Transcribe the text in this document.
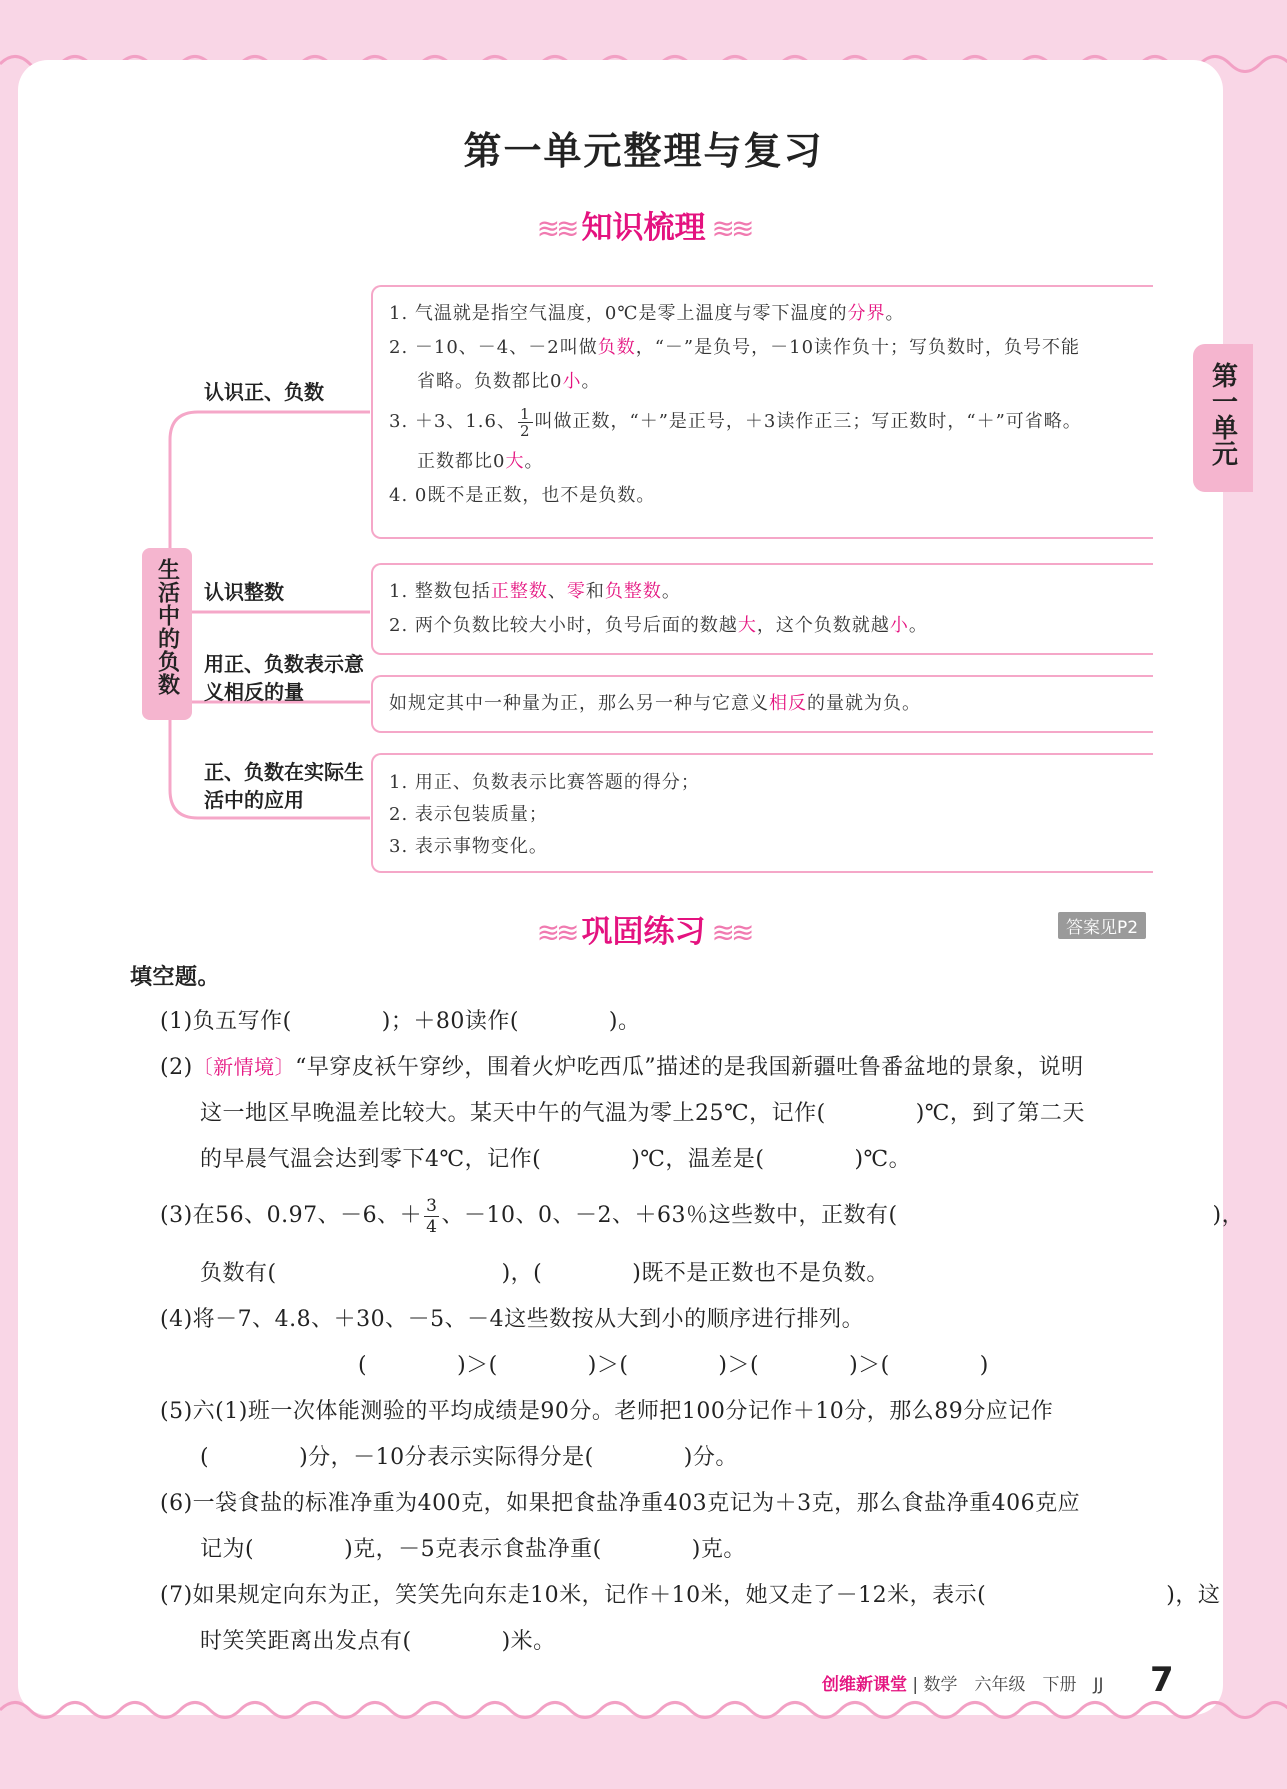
第一单元整理与复习
第一单元
≋≋ 知识梳理 ≋≋
生活中的负数
认识正、负数
认识整数
用正、负数表示意义相反的量
正、负数在实际生活中的应用
1. 气温就是指空气温度，0℃是零上温度与零下温度的分界。
2. －10、－4、－2叫做负数，“－”是负号，－10读作负十；写负数时，负号不能
省略。负数都比0小。
3. ＋3、1.6、 $\frac{1}{2}$ 叫做正数，“＋”是正号，＋3读作正三；写正数时，“＋”可省略。
正数都比0大。
4. 0既不是正数，也不是负数。
1. 整数包括正整数、零和负整数。
2. 两个负数比较大小时，负号后面的数越大，这个负数就越小。
如规定其中一种量为正，那么另一种与它意义相反的量就为负。
1. 用正、负数表示比赛答题的得分；
2. 表示包装质量；
3. 表示事物变化。
≋≋ 巩固练习 ≋≋	答案见P2
填空题。
(1)负五写作(　　　　)；＋80读作(　　　　)。
(2)〔新情境〕“早穿皮袄午穿纱，围着火炉吃西瓜”描述的是我国新疆吐鲁番盆地的景象，说明
这一地区早晚温差比较大。某天中午的气温为零上25℃，记作(　　　　)℃，到了第二天
的早晨气温会达到零下4℃，记作(　　　　)℃，温差是(　　　　)℃。
(3)在56、0.97、－6、＋ $\frac{3}{4}$ 、－10、0、－2、＋63％这些数中，正数有(　　　　　　　　　　　　　　)，
负数有(　　　　　　　　　　)，(　　　　)既不是正数也不是负数。
(4)将－7、4.8、＋30、－5、－4这些数按从大到小的顺序进行排列。
(　　　　)＞(　　　　)＞(　　　　)＞(　　　　)＞(　　　　)
(5)六(1)班一次体能测验的平均成绩是90分。老师把100分记作＋10分，那么89分应记作
(　　　　)分，－10分表示实际得分是(　　　　)分。
(6)一袋食盐的标准净重为400克，如果把食盐净重403克记为＋3克，那么食盐净重406克应
记为(　　　　)克，－5克表示食盐净重(　　　　)克。
(7)如果规定向东为正，笑笑先向东走10米，记作＋10米，她又走了－12米，表示(　　　　　　　　)，这
时笑笑距离出发点有(　　　　)米。
创维新课堂 | 数学　六年级　下册　JJ 7
